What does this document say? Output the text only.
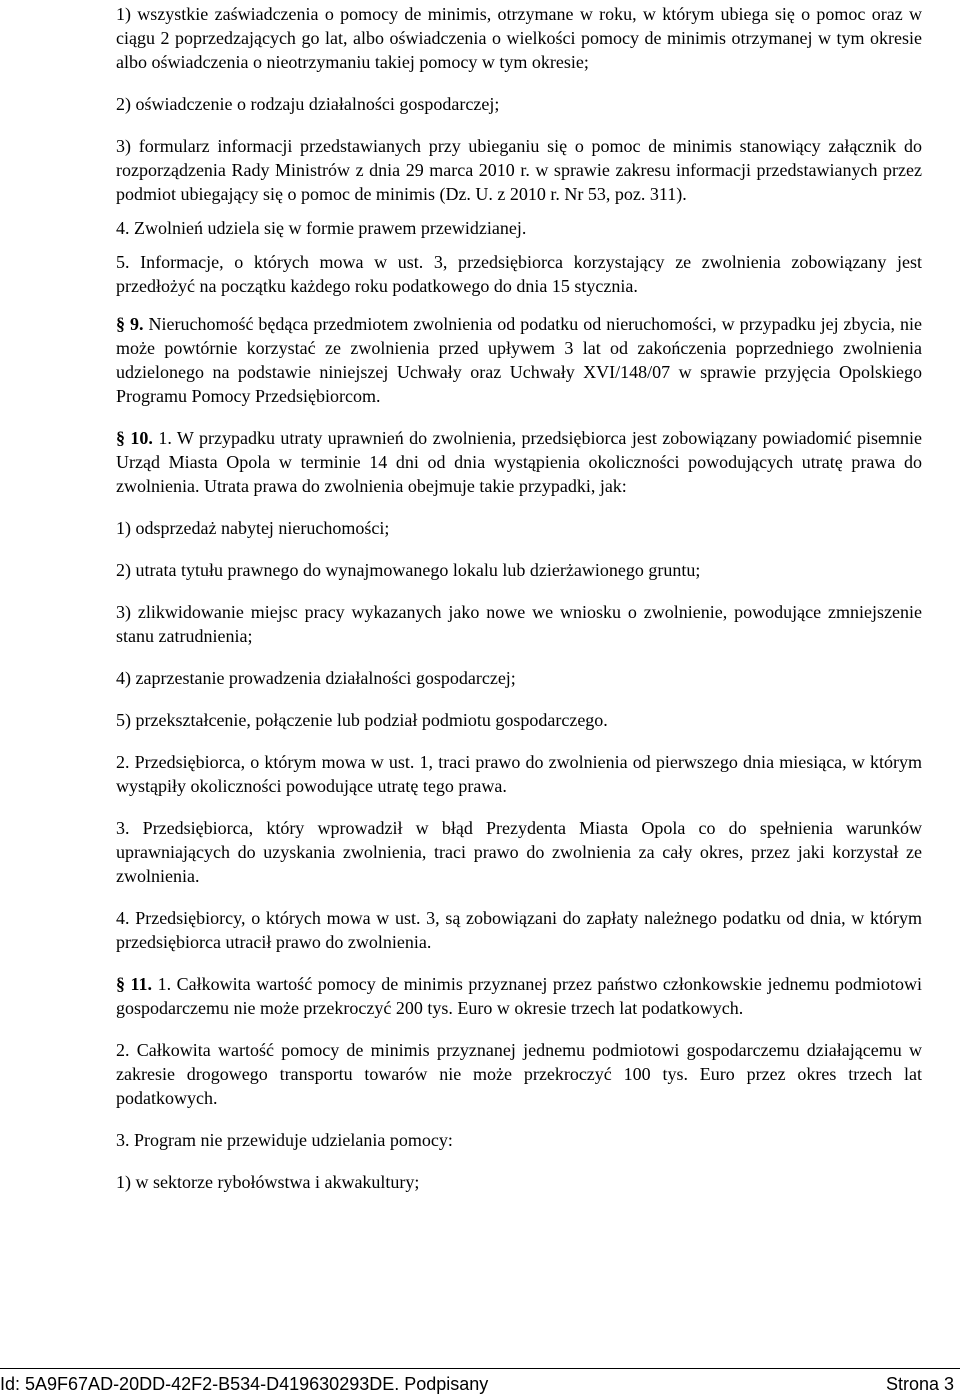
1) wszystkie zaświadczenia o pomocy de minimis, otrzymane w roku, w którym ubiega się o pomoc oraz w ciągu 2 poprzedzających go lat, albo oświadczenia o wielkości pomocy de minimis otrzymanej w tym okresie albo oświadczenia o nieotrzymaniu takiej pomocy w tym okresie;

2) oświadczenie o rodzaju działalności gospodarczej;

3) formularz informacji przedstawianych przy ubieganiu się o pomoc de minimis stanowiący załącznik do rozporządzenia Rady Ministrów z dnia 29 marca 2010 r. w sprawie zakresu informacji przedstawianych przez podmiot ubiegający się o pomoc de minimis (Dz. U. z 2010 r. Nr 53, poz. 311).

4. Zwolnień udziela się w formie prawem przewidzianej.

5. Informacje, o których mowa w ust. 3, przedsiębiorca korzystający ze zwolnienia zobowiązany jest przedłożyć na początku każdego roku podatkowego do dnia 15 stycznia.

§ 9. Nieruchomość będąca przedmiotem zwolnienia od podatku od nieruchomości, w przypadku jej zbycia, nie może powtórnie korzystać ze zwolnienia przed upływem 3 lat od zakończenia poprzedniego zwolnienia udzielonego na podstawie niniejszej Uchwały oraz Uchwały XVI/148/07 w sprawie przyjęcia Opolskiego Programu Pomocy Przedsiębiorcom.

§ 10. 1. W przypadku utraty uprawnień do zwolnienia, przedsiębiorca jest zobowiązany powiadomić pisemnie Urząd Miasta Opola w terminie 14 dni od dnia wystąpienia okoliczności powodujących utratę prawa do zwolnienia. Utrata prawa do zwolnienia obejmuje takie przypadki, jak:

1) odsprzedaż nabytej nieruchomości;

2) utrata tytułu prawnego do wynajmowanego lokalu lub dzierżawionego gruntu;

3) zlikwidowanie miejsc pracy wykazanych jako nowe we wniosku o zwolnienie, powodujące zmniejszenie stanu zatrudnienia;

4) zaprzestanie prowadzenia działalności gospodarczej;

5) przekształcenie, połączenie lub podział podmiotu gospodarczego.

2. Przedsiębiorca, o którym mowa w ust. 1, traci prawo do zwolnienia od pierwszego dnia miesiąca, w którym wystąpiły okoliczności powodujące utratę tego prawa.

3. Przedsiębiorca, który wprowadził w błąd Prezydenta Miasta Opola co do spełnienia warunków uprawniających do uzyskania zwolnienia, traci prawo do zwolnienia za cały okres, przez jaki korzystał ze zwolnienia.

4. Przedsiębiorcy, o których mowa w ust. 3, są zobowiązani do zapłaty należnego podatku od dnia, w którym przedsiębiorca utracił prawo do zwolnienia.

§ 11. 1. Całkowita wartość pomocy de minimis przyznanej przez państwo członkowskie jednemu podmiotowi gospodarczemu nie może przekroczyć 200 tys. Euro w okresie trzech lat podatkowych.

2. Całkowita wartość pomocy de minimis przyznanej jednemu podmiotowi gospodarczemu działającemu w zakresie drogowego transportu towarów nie może przekroczyć 100 tys. Euro przez okres trzech lat podatkowych.

3. Program nie przewiduje udzielania pomocy:

1) w sektorze rybołówstwa i akwakultury;

Id: 5A9F67AD-20DD-42F2-B534-D419630293DE. Podpisany	Strona 3
